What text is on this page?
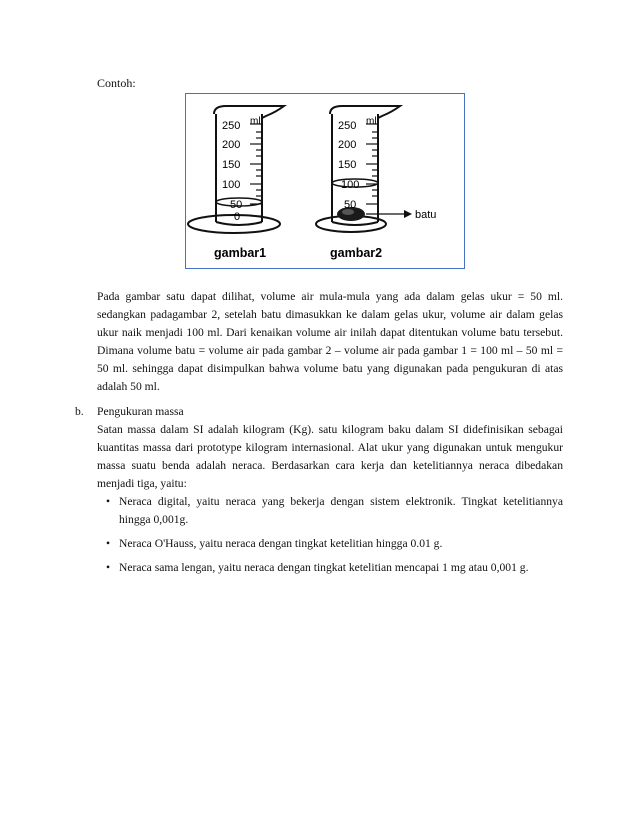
Contoh:
ml
250
200
150
100
50
0
gambar1
ml
250
200
150
100
50
batu
gambar2

Pada gambar satu dapat dilihat, volume air mula-mula yang ada dalam gelas ukur = 50 ml. sedangkan padagambar 2, setelah batu dimasukkan ke dalam gelas ukur, volume air dalam gelas ukur naik menjadi 100 ml. Dari kenaikan volume air inilah dapat ditentukan volume batu tersebut. Dimana volume batu = volume air pada gambar 2 – volume air pada gambar 1 = 100 ml – 50 ml = 50 ml. sehingga dapat disimpulkan bahwa volume batu yang digunakan pada pengukuran di atas adalah 50 ml.

b.	Pengukuran massa

Satan massa dalam SI adalah kilogram (Kg). satu kilogram baku dalam SI didefinisikan sebagai kuantitas massa dari prototype kilogram internasional. Alat ukur yang digunakan untuk mengukur massa suatu benda adalah neraca. Berdasarkan cara kerja dan ketelitiannya neraca dibedakan menjadi tiga, yaitu:

• Neraca digital, yaitu neraca yang bekerja dengan sistem elektronik. Tingkat ketelitiannya hingga 0,001g.
• Neraca O'Hauss, yaitu neraca dengan tingkat ketelitian hingga 0.01 g.
• Neraca sama lengan, yaitu neraca dengan tingkat ketelitian mencapai 1 mg atau 0,001 g.
